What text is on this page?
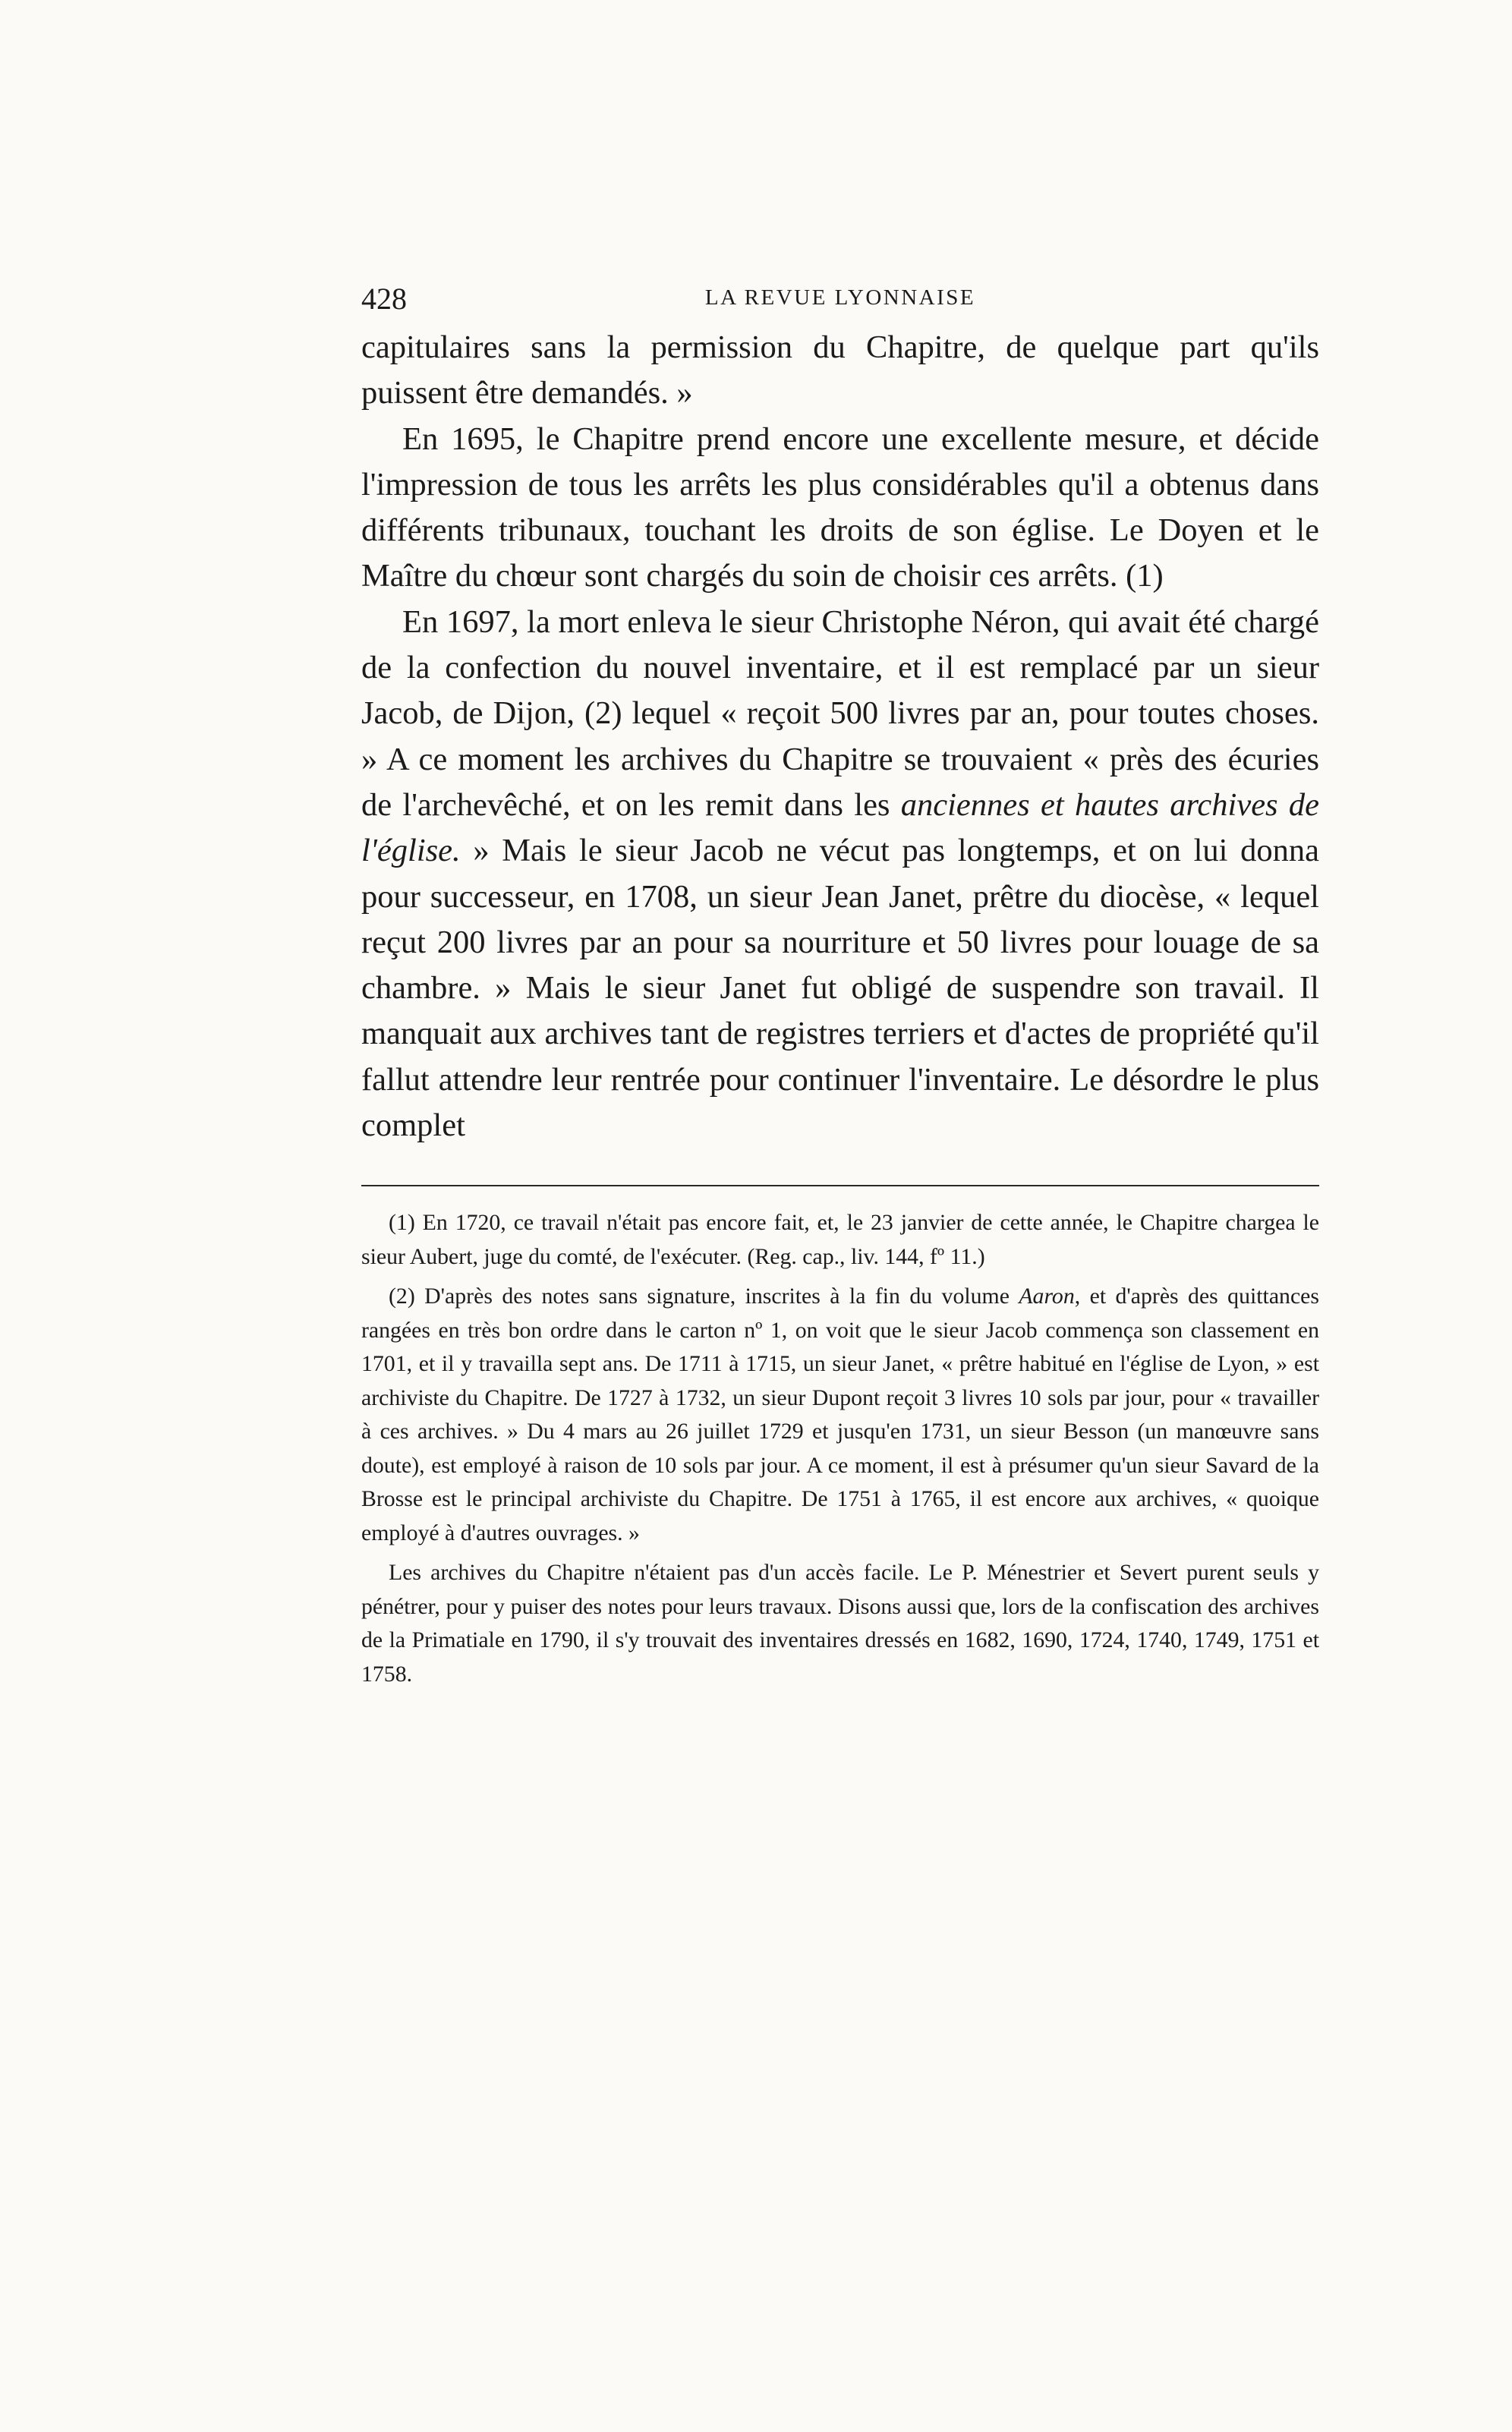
428	LA REVUE LYONNAISE

capitulaires sans la permission du Chapitre, de quelque part qu'ils puissent être demandés. »

En 1695, le Chapitre prend encore une excellente mesure, et décide l'impression de tous les arrêts les plus considérables qu'il a obtenus dans différents tribunaux, touchant les droits de son église. Le Doyen et le Maître du chœur sont chargés du soin de choisir ces arrêts. (1)

En 1697, la mort enleva le sieur Christophe Néron, qui avait été chargé de la confection du nouvel inventaire, et il est remplacé par un sieur Jacob, de Dijon, (2) lequel « reçoit 500 livres par an, pour toutes choses. » A ce moment les archives du Chapitre se trouvaient « près des écuries de l'archevêché, et on les remit dans les anciennes et hautes archives de l'église. » Mais le sieur Jacob ne vécut pas longtemps, et on lui donna pour successeur, en 1708, un sieur Jean Janet, prêtre du diocèse, « lequel reçut 200 livres par an pour sa nourriture et 50 livres pour louage de sa chambre. » Mais le sieur Janet fut obligé de suspendre son travail. Il manquait aux archives tant de registres terriers et d'actes de propriété qu'il fallut attendre leur rentrée pour continuer l'inventaire. Le désordre le plus complet

(1) En 1720, ce travail n'était pas encore fait, et, le 23 janvier de cette année, le Chapitre chargea le sieur Aubert, juge du comté, de l'exécuter. (Reg. cap., liv. 144, fº 11.)

(2) D'après des notes sans signature, inscrites à la fin du volume Aaron, et d'après des quittances rangées en très bon ordre dans le carton nº 1, on voit que le sieur Jacob commença son classement en 1701, et il y travailla sept ans. De 1711 à 1715, un sieur Janet, « prêtre habitué en l'église de Lyon, » est archiviste du Chapitre. De 1727 à 1732, un sieur Dupont reçoit 3 livres 10 sols par jour, pour « travailler à ces archives. » Du 4 mars au 26 juillet 1729 et jusqu'en 1731, un sieur Besson (un manœuvre sans doute), est employé à raison de 10 sols par jour. A ce moment, il est à présumer qu'un sieur Savard de la Brosse est le principal archiviste du Chapitre. De 1751 à 1765, il est encore aux archives, « quoique employé à d'autres ouvrages. »

Les archives du Chapitre n'étaient pas d'un accès facile. Le P. Ménestrier et Severt purent seuls y pénétrer, pour y puiser des notes pour leurs travaux. Disons aussi que, lors de la confiscation des archives de la Primatiale en 1790, il s'y trouvait des inventaires dressés en 1682, 1690, 1724, 1740, 1749, 1751 et 1758.
